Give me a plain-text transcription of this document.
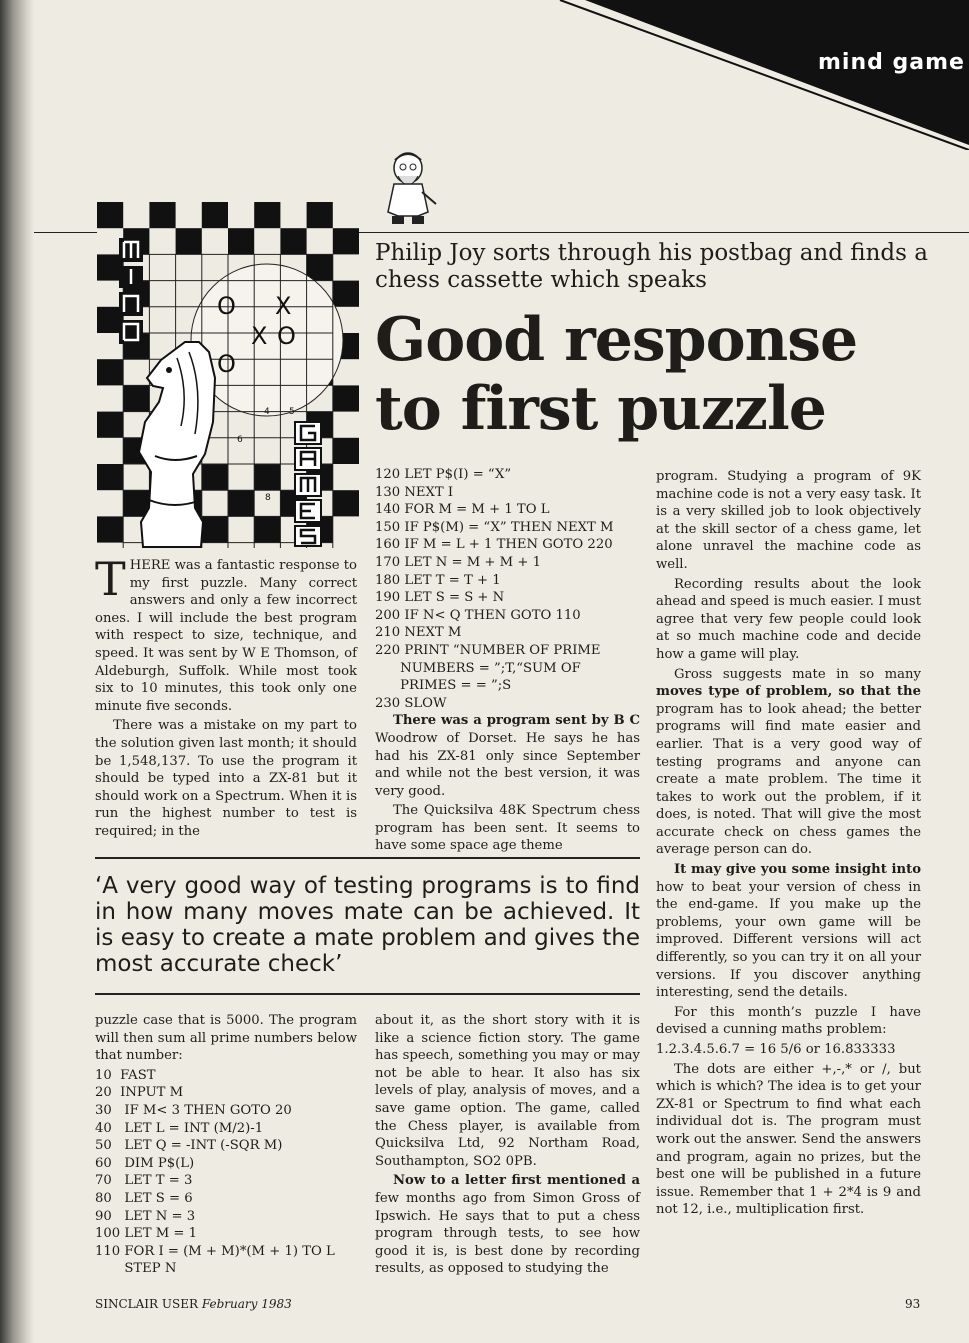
mind game
O X
X O
O
2
3
4 5
6
7 8
9
Philip Joy sorts through his postbag and finds a chess cassette which speaks
Good response
to first puzzle

THERE was a fantastic response to my first puzzle. Many correct answers and only a few incorrect ones. I will include the best program with respect to size, technique, and speed. It was sent by W E Thomson, of Aldeburgh, Suffolk. While most took six to 10 minutes, this took only one minute five seconds.

There was a mistake on my part to the solution given last month; it should be 1,548,137. To use the program it should be typed into a ZX-81 but it should work on a Spectrum. When it is run the highest number to test is required; in the

120 LET P$(I) = “X”
130 NEXT I
140 FOR M = M + 1 TO L
150 IF P$(M) = “X” THEN NEXT M
160 IF M = L + 1 THEN GOTO 220
170 LET N = M + M + 1
180 LET T = T + 1
190 LET S = S + N
200 IF N< Q THEN GOTO 110
210 NEXT M
220 PRINT “NUMBER OF PRIME
NUMBERS = ”;T,“SUM OF
PRIMES = = ”;S
230 SLOW

There was a program sent by B C Woodrow of Dorset. He says he has had his ZX-81 only since September and while not the best version, it was very good.

The Quicksilva 48K Spectrum chess program has been sent. It seems to have some space age theme

program. Studying a program of 9K machine code is not a very easy task. It is a very skilled job to look objectively at the skill sector of a chess game, let alone unravel the machine code as well.

Recording results about the look ahead and speed is much easier. I must agree that very few people could look at so much machine code and decide how a game will play.

Gross suggests mate in so many moves type of problem, so that the program has to look ahead; the better programs will find mate easier and earlier. That is a very good way of testing programs and anyone can create a mate problem. The time it takes to work out the problem, if it does, is noted. That will give the most accurate check on chess games the average person can do.

It may give you some insight into how to beat your version of chess in the end-game. If you make up the problems, your own game will be improved. Different versions will act differently, so you can try it on all your versions. If you discover anything interesting, send the details.

For this month’s puzzle I have devised a cunning maths problem:

1.2.3.4.5.6.7 = 16 5/6 or 16.833333

The dots are either +,-,* or /, but which is which? The idea is to get your ZX-81 or Spectrum to find what each individual dot is. The program must work out the answer. Send the answers and program, again no prizes, but the best one will be published in a future issue. Remember that 1 + 2*4 is 9 and not 12, i.e., multiplication first.

‘A very good way of testing programs is to find in how many moves mate can be achieved. It is easy to create a mate problem and gives the most accurate check’

puzzle case that is 5000. The program will then sum all prime numbers below that number:

10  FAST
20  INPUT M
30   IF M< 3 THEN GOTO 20
40   LET L = INT (M/2)-1
50   LET Q = -INT (-SQR M)
60   DIM P$(L)
70   LET T = 3
80   LET S = 6
90   LET N = 3
100 LET M = 1
110 FOR I = (M + M)*(M + 1) TO L
STEP N

about it, as the short story with it is like a science fiction story. The game has speech, something you may or may not be able to hear. It also has six levels of play, analysis of moves, and a save game option. The game, called the Chess player, is available from Quicksilva Ltd, 92 Northam Road, Southampton, SO2 0PB.

Now to a letter first mentioned a few months ago from Simon Gross of Ipswich. He says that to put a chess program through tests, to see how good it is, is best done by recording results, as opposed to studying the

SINCLAIR USER February 1983	93
